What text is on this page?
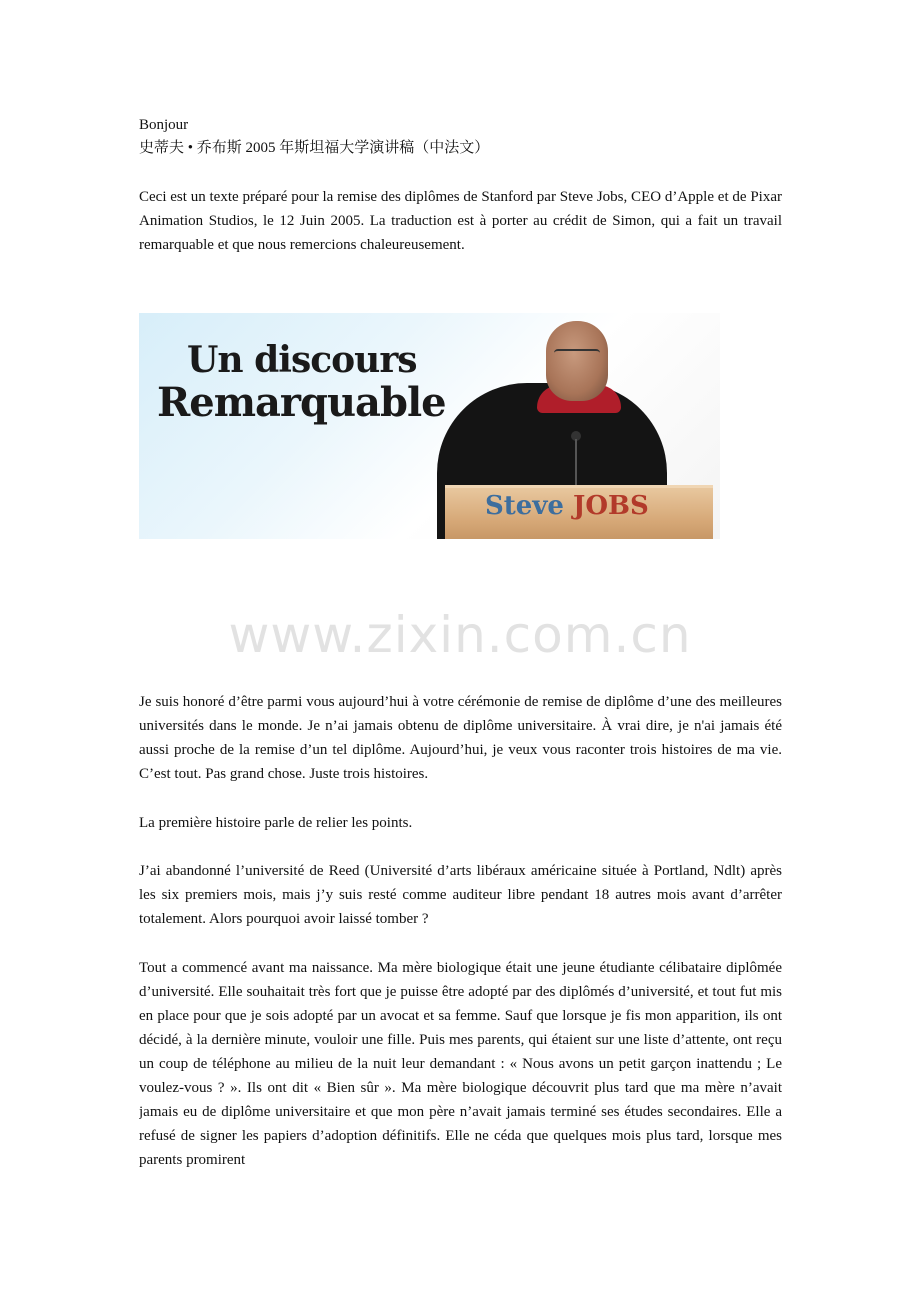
Bonjour

史蒂夫 • 乔布斯 2005 年斯坦福大学演讲稿（中法文）

Ceci est un texte préparé pour la remise des diplômes de Stanford par Steve Jobs, CEO d’Apple et de Pixar Animation Studios, le 12 Juin 2005. La traduction est à porter au crédit de Simon, qui a fait un travail remarquable et que nous remercions chaleureusement.

Je suis honoré d’être parmi vous aujourd’hui à votre cérémonie de remise de diplôme d’une des meilleures universités dans le monde. Je n’ai jamais obtenu de diplôme universitaire. À vrai dire, je n'ai jamais été aussi proche de la remise d’un tel diplôme. Aujourd’hui, je veux vous raconter trois histoires de ma vie. C’est tout. Pas grand chose. Juste trois histoires.

La première histoire parle de relier les points.

J’ai abandonné l’université de Reed (Université d’arts libéraux américaine située à Portland, Ndlt) après les six premiers mois, mais j’y suis resté comme auditeur libre pendant 18 autres mois avant d’arrêter totalement. Alors pourquoi avoir laissé tomber ?

Tout a commencé avant ma naissance. Ma mère biologique était une jeune étudiante célibataire diplômée d’université. Elle souhaitait très fort que je puisse être adopté par des diplômés d’université, et tout fut mis en place pour que je sois adopté par un avocat et sa femme. Sauf que lorsque je fis mon apparition, ils ont décidé, à la dernière minute, vouloir une fille. Puis mes parents, qui étaient sur une liste d’attente, ont reçu un coup de téléphone au milieu de la nuit leur demandant : « Nous avons un petit garçon inattendu ; Le voulez-vous ? ». Ils ont dit « Bien sûr ». Ma mère biologique découvrit plus tard que ma mère n’avait jamais eu de diplôme universitaire et que mon père n’avait jamais terminé ses études secondaires. Elle a refusé de signer les papiers d’adoption définitifs. Elle ne céda que quelques mois plus tard, lorsque mes parents promirent

Un discours
Remarquable
Steve JOBS
www.zixin.com.cn
